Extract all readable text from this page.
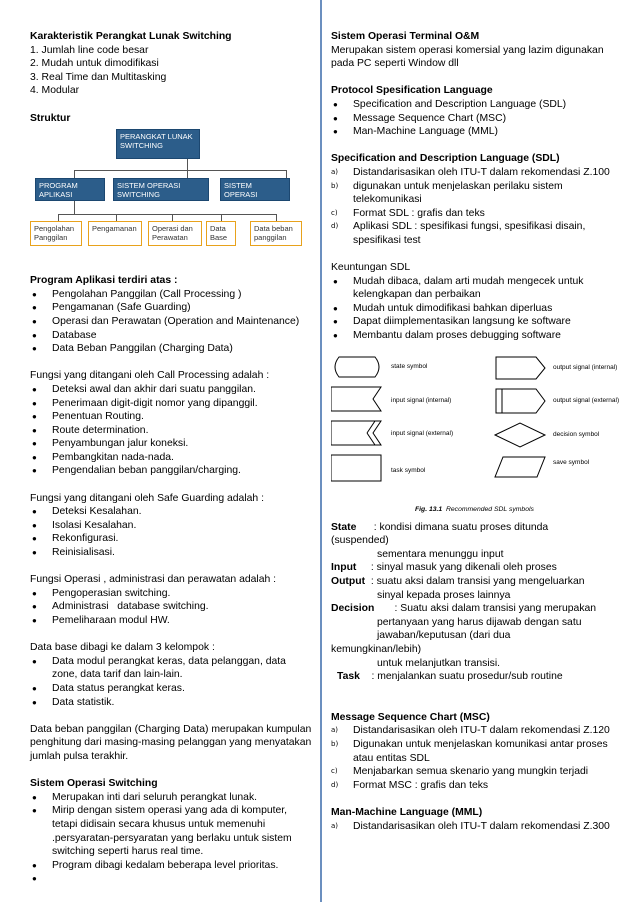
Karakteristik Perangkat Lunak Switching
1. Jumlah line code besar
2. Mudah untuk dimodifikasi
3. Real Time dan Multitasking
4. Modular
Struktur
PERANGKAT LUNAK
SWITCHING
PROGRAM
APLIKASI
SISTEM OPERASI
SWITCHING
SISTEM OPERASI
TERMINAL O&M
Pengolahan
Panggilan
Pengamanan Operasi dan
Perawatan
Data
Base
Data beban
panggilan
Program Aplikasi terdiri atas :
● Pengolahan Panggilan (Call Processing )
● Pengamanan (Safe Guarding)
● Operasi dan Perawatan (Operation and Maintenance)
● Database
● Data Beban Panggilan (Charging Data)
Fungsi yang ditangani oleh Call Processing adalah :
● Deteksi awal dan akhir dari suatu panggilan.
● Penerimaan digit-digit nomor yang dipanggil.
● Penentuan Routing.
● Route determination.
● Penyambungan jalur koneksi.
● Pembangkitan nada-nada.
● Pengendalian beban panggilan/charging.
Fungsi yang ditangani oleh Safe Guarding adalah :
● Deteksi Kesalahan.
● Isolasi Kesalahan.
● Rekonfigurasi.
● Reinisialisasi.
Fungsi Operasi , administrasi dan perawatan adalah :
● Pengoperasian switching.
● Administrasi   database switching.
● Pemeliharaan modul HW.
Data base dibagi ke dalam 3 kelompok :
● Data modul perangkat keras, data pelanggan, data zone, data tarif dan lain-lain.
● Data status perangkat keras.
● Data statistik.
Data beban panggilan (Charging Data) merupakan kumpulan penghitung dari masing-masing pelanggan yang menyatakan jumlah pulsa terakhir.
Sistem Operasi Switching
● Merupakan inti dari seluruh perangkat lunak.
● Mirip dengan sistem operasi yang ada di komputer, tetapi didisain secara khusus untuk memenuhi .persyaratan-persyaratan yang berlaku untuk sistem switching seperti harus real time.
● Program dibagi kedalam beberapa level prioritas.
●
Sistem Operasi Terminal O&M
Merupakan sistem operasi komersial yang lazim digunakan pada PC seperti Window dll
Protocol Spesification Language
● Specification and Description Language (SDL)
● Message Sequence Chart (MSC)
● Man-Machine Language (MML)
Specification and Description Language (SDL)
a) Distandarisasikan oleh ITU-T dalam rekomendasi Z.100
b) digunakan untuk menjelaskan perilaku sistem telekomunikasi
c) Format SDL : grafis dan teks
d) Aplikasi SDL : spesifikasi fungsi, spesifikasi disain, spesifikasi test
Keuntungan SDL
● Mudah dibaca, dalam arti mudah mengecek untuk kelengkapan dan perbaikan
● Mudah untuk dimodifikasi bahkan diperluas
● Dapat diimplementasikan langsung ke software
● Membantu dalam proses debugging software
state symbol
input signal (internal)
input signal (external)
task symbol
output signal (internal)
output signal (external)
decision symbol
save symbol
Fig. 13.1 Recommended SDL symbols
State      : kondisi dimana suatu proses ditunda
(suspended)
sementara menunggu input
Input     : sinyal masuk yang dikenali oleh proses
Output  : suatu aksi dalam transisi yang mengeluarkan
sinyal kepada proses lainnya
Decision       : Suatu aksi dalam transisi yang merupakan
pertanyaan yang harus dijawab dengan satu
jawaban/keputusan (dari dua
kemungkinan/lebih)
untuk melanjutkan transisi.
Task    : menjalankan suatu prosedur/sub routine
Message Sequence Chart (MSC)
a) Distandarisasikan oleh ITU-T dalam rekomendasi Z.120
b) Digunakan untuk menjelaskan komunikasi antar proses atau entitas SDL
c) Menjabarkan semua skenario yang mungkin terjadi
d) Format MSC : grafis dan teks
Man-Machine Language (MML)
a) Distandarisasikan oleh ITU-T dalam rekomendasi Z.300
